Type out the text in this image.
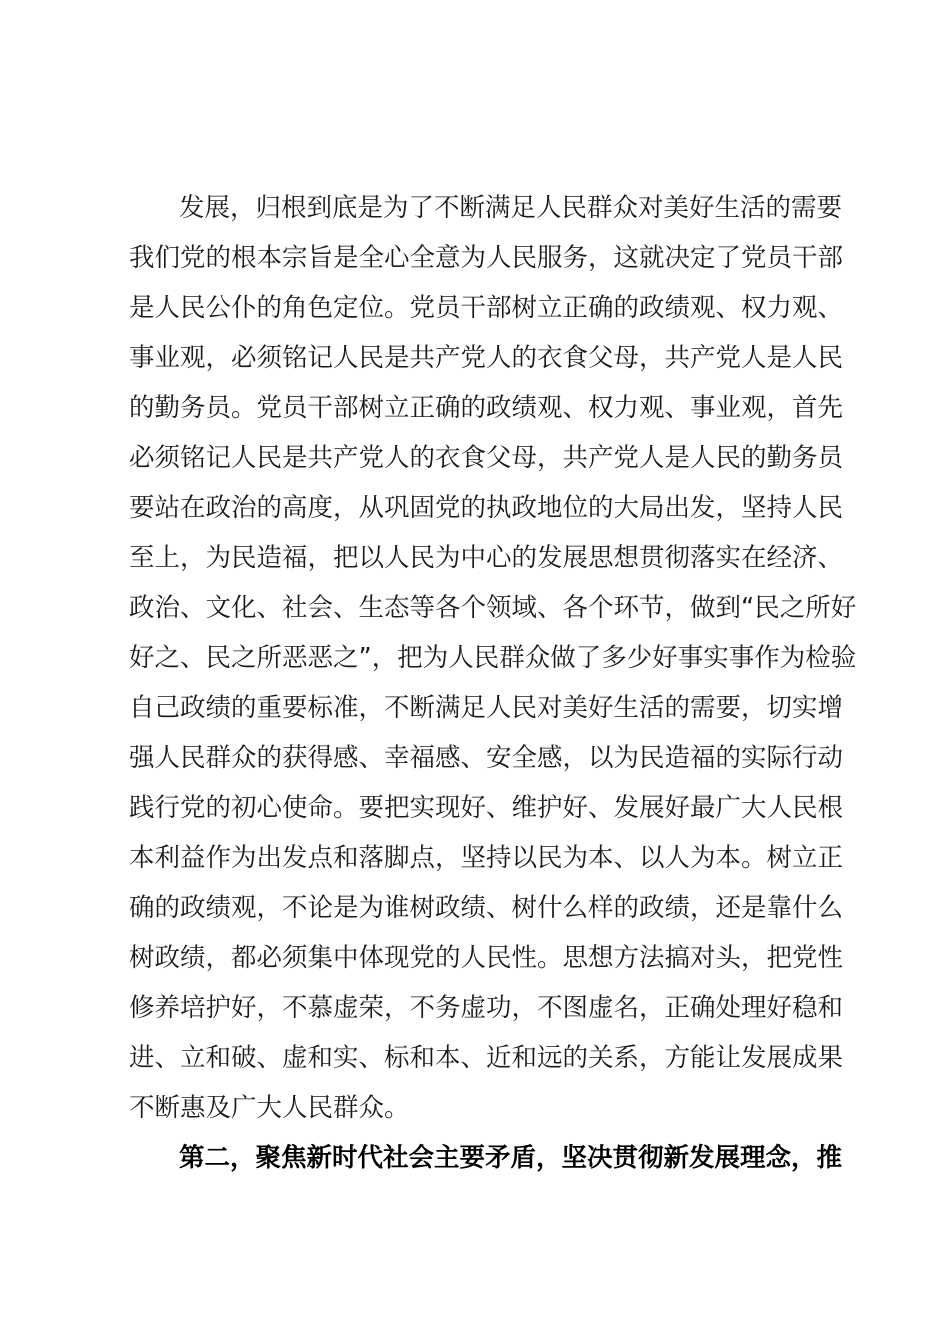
发展，归根到底是为了不断满足人民群众对美好生活的需要
我们党的根本宗旨是全心全意为人民服务，这就决定了党员干部
是人民公仆的角色定位。党员干部树立正确的政绩观、权力观、
事业观，必须铭记人民是共产党人的衣食父母，共产党人是人民
的勤务员。党员干部树立正确的政绩观、权力观、事业观，首先
必须铭记人民是共产党人的衣食父母，共产党人是人民的勤务员
要站在政治的高度，从巩固党的执政地位的大局出发，坚持人民
至上，为民造福，把以人民为中心的发展思想贯彻落实在经济、
政治、文化、社会、生态等各个领域、各个环节，做到“民之所好
好之、民之所恶恶之”，把为人民群众做了多少好事实事作为检验
自己政绩的重要标准，不断满足人民对美好生活的需要，切实增
强人民群众的获得感、幸福感、安全感，以为民造福的实际行动
践行党的初心使命。要把实现好、维护好、发展好最广大人民根
本利益作为出发点和落脚点，坚持以民为本、以人为本。树立正
确的政绩观，不论是为谁树政绩、树什么样的政绩，还是靠什么
树政绩，都必须集中体现党的人民性。思想方法搞对头，把党性
修养培护好，不慕虚荣，不务虚功，不图虚名，正确处理好稳和
进、立和破、虚和实、标和本、近和远的关系，方能让发展成果
不断惠及广大人民群众。
第二，聚焦新时代社会主要矛盾，坚决贯彻新发展理念，推
